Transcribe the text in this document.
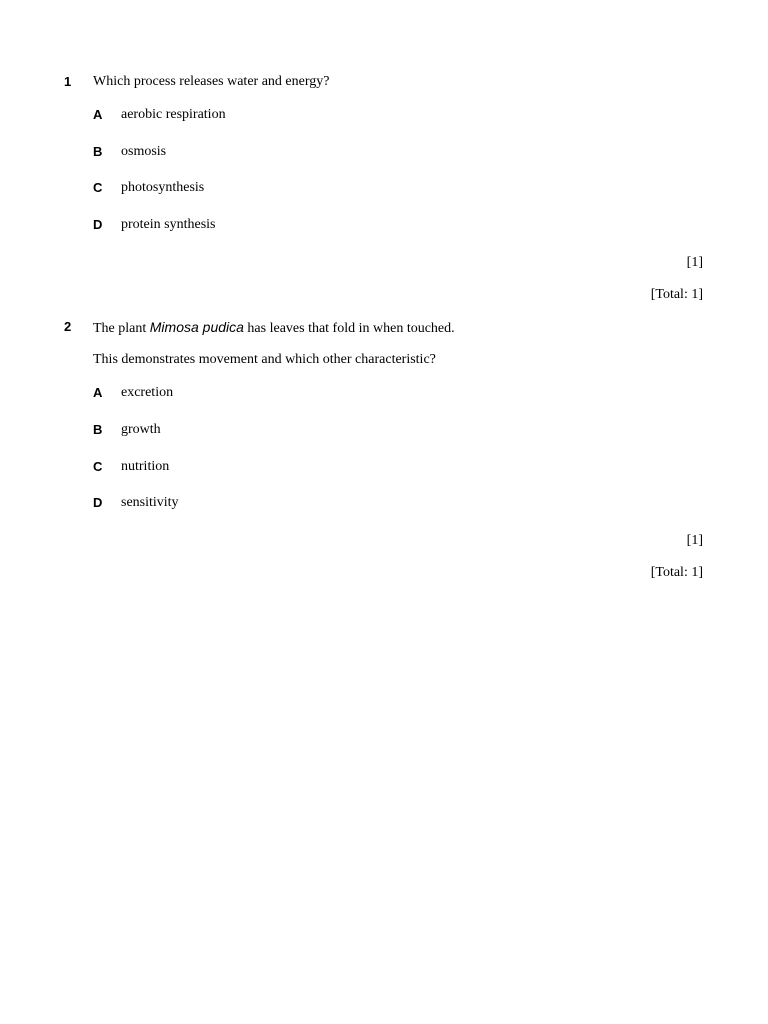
1 Which process releases water and energy?
A aerobic respiration
B osmosis
C photosynthesis
D protein synthesis
[1]
[Total: 1]
2 The plant Mimosa pudica has leaves that fold in when touched.
This demonstrates movement and which other characteristic?
A excretion
B growth
C nutrition
D sensitivity
[1]
[Total: 1]
